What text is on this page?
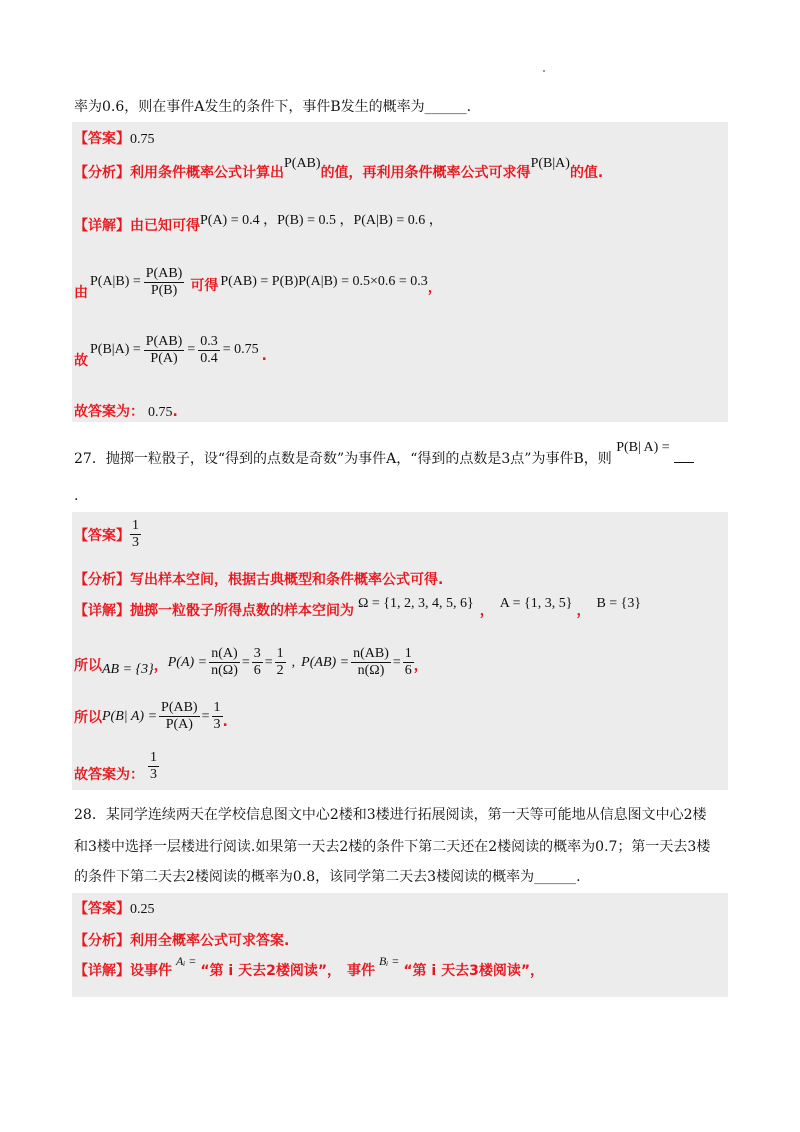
率为0.6，则在事件A发生的条件下，事件B发生的概率为______.
【答案】0.75
【分析】利用条件概率公式计算出P(AB)的值，再利用条件概率公式可求得P(B|A)的值.
【详解】由已知可得P(A) = 0.4 ，P(B) = 0.5 ，P(A|B) = 0.6 ，
由
$P(A|B) = \frac{P(AB)}{P(B)}$ 可得 P(AB) = P(B)P(A|B) = 0.5×0.6 = 0.3 ，
故
$P(B|A) = \frac{P(AB)}{P(A)} = \frac{0.3}{0.4} = 0.75$ .
故答案为： 0.75.
27．抛掷一粒骰子，设“得到的点数是奇数”为事件A，“得到的点数是3点”为事件B，则 P(B| A) =
.
【答案】 $\frac{1}{3}$
【分析】写出样本空间，根据古典概型和条件概率公式可得.
【详解】抛掷一粒骰子所得点数的样本空间为 Ω = {1, 2, 3, 4, 5, 6} ， A = {1, 3, 5} ， B = {3}
所以 AB = {3} ， $P(A) = \frac{n(A)}{n(\Omega)} = \frac{3}{6} = \frac{1}{2}$ , $P(AB) = \frac{n(AB)}{n(\Omega)} = \frac{1}{6}$ ，
所以 P(B| $A) = \frac{P(AB)}{P(A)} = \frac{1}{3}$ .
故答案为： $\frac{1}{3}$
28．某同学连续两天在学校信息图文中心2楼和3楼进行拓展阅读，第一天等可能地从信息图文中心2楼
和3楼中选择一层楼进行阅读.如果第一天去2楼的条件下第二天还在2楼阅读的概率为0.7；第一天去3楼
的条件下第二天去2楼阅读的概率为0.8，该同学第二天去3楼阅读的概率为______.
【答案】0.25
【分析】利用全概率公式可求答案.
【详解】设事件$^{Aᵢ =}$“第 i 天去2楼阅读”， 事件$^{Bᵢ =}$“第 i 天去3楼阅读”，
